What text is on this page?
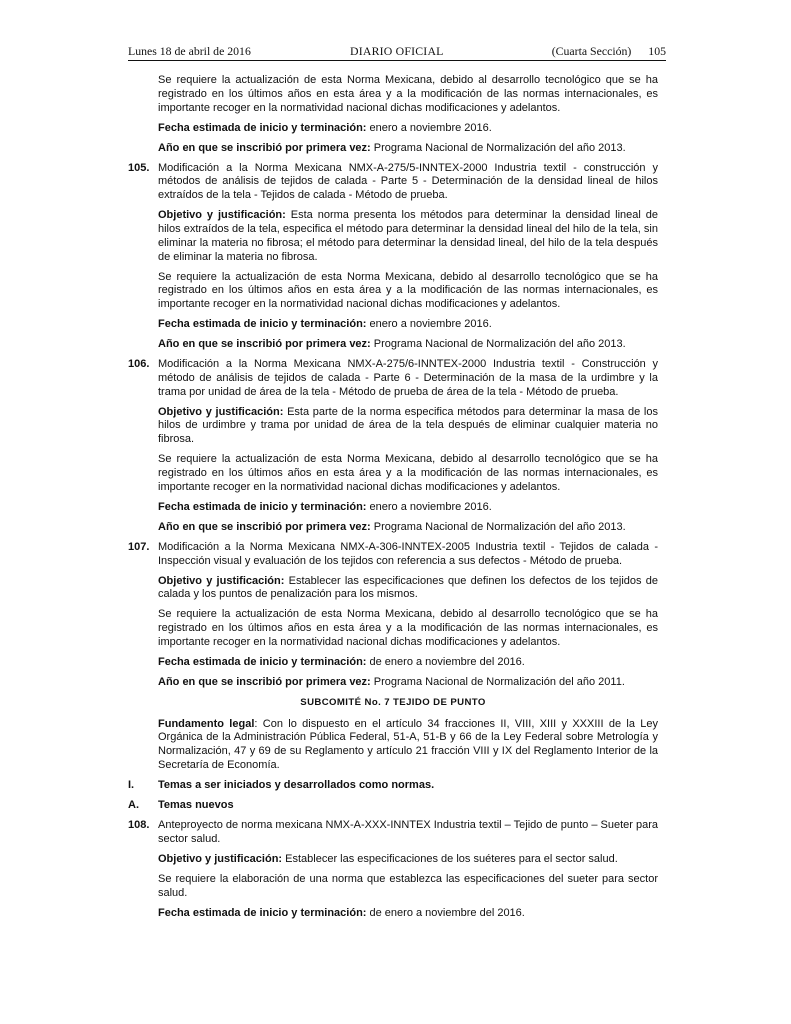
Lunes 18 de abril de 2016	DIARIO OFICIAL	(Cuarta Sección) 105

Se requiere la actualización de esta Norma Mexicana, debido al desarrollo tecnológico que se ha registrado en los últimos años en esta área y a la modificación de las normas internacionales, es importante recoger en la normatividad nacional dichas modificaciones y adelantos.

Fecha estimada de inicio y terminación: enero a noviembre 2016.

Año en que se inscribió por primera vez: Programa Nacional de Normalización del año 2013.

105. Modificación a la Norma Mexicana NMX-A-275/5-INNTEX-2000 Industria textil - construcción y métodos de análisis de tejidos de calada - Parte 5 - Determinación de la densidad lineal de hilos extraídos de la tela - Tejidos de calada - Método de prueba.

Objetivo y justificación: Esta norma presenta los métodos para determinar la densidad lineal de hilos extraídos de la tela, especifica el método para determinar la densidad lineal del hilo de la tela, sin eliminar la materia no fibrosa; el método para determinar la densidad lineal, del hilo de la tela después de eliminar la materia no fibrosa.

Se requiere la actualización de esta Norma Mexicana, debido al desarrollo tecnológico que se ha registrado en los últimos años en esta área y a la modificación de las normas internacionales, es importante recoger en la normatividad nacional dichas modificaciones y adelantos.

Fecha estimada de inicio y terminación: enero a noviembre 2016.

Año en que se inscribió por primera vez: Programa Nacional de Normalización del año 2013.

106. Modificación a la Norma Mexicana NMX-A-275/6-INNTEX-2000 Industria textil - Construcción y método de análisis de tejidos de calada - Parte 6 - Determinación de la masa de la urdimbre y la trama por unidad de área de la tela - Método de prueba de área de la tela - Método de prueba.

Objetivo y justificación: Esta parte de la norma especifica métodos para determinar la masa de los hilos de urdimbre y trama por unidad de área de la tela después de eliminar cualquier materia no fibrosa.

Se requiere la actualización de esta Norma Mexicana, debido al desarrollo tecnológico que se ha registrado en los últimos años en esta área y a la modificación de las normas internacionales, es importante recoger en la normatividad nacional dichas modificaciones y adelantos.

Fecha estimada de inicio y terminación: enero a noviembre 2016.

Año en que se inscribió por primera vez: Programa Nacional de Normalización del año 2013.

107. Modificación a la Norma Mexicana NMX-A-306-INNTEX-2005 Industria textil - Tejidos de calada - Inspección visual y evaluación de los tejidos con referencia a sus defectos - Método de prueba.

Objetivo y justificación: Establecer las especificaciones que definen los defectos de los tejidos de calada y los puntos de penalización para los mismos.

Se requiere la actualización de esta Norma Mexicana, debido al desarrollo tecnológico que se ha registrado en los últimos años en esta área y a la modificación de las normas internacionales, es importante recoger en la normatividad nacional dichas modificaciones y adelantos.

Fecha estimada de inicio y terminación: de enero a noviembre del 2016.

Año en que se inscribió por primera vez: Programa Nacional de Normalización del año 2011.

SUBCOMITÉ No. 7 TEJIDO DE PUNTO

Fundamento legal: Con lo dispuesto en el artículo 34 fracciones II, VIII, XIII y XXXIII de la Ley Orgánica de la Administración Pública Federal, 51-A, 51-B y 66 de la Ley Federal sobre Metrología y Normalización, 47 y 69 de su Reglamento y artículo 21 fracción VIII y IX del Reglamento Interior de la Secretaría de Economía.

I. Temas a ser iniciados y desarrollados como normas.
A. Temas nuevos
108. Anteproyecto de norma mexicana NMX-A-XXX-INNTEX Industria textil – Tejido de punto – Sueter para sector salud.

Objetivo y justificación: Establecer las especificaciones de los suéteres para el sector salud.

Se requiere la elaboración de una norma que establezca las especificaciones del sueter para sector salud.

Fecha estimada de inicio y terminación: de enero a noviembre del 2016.
